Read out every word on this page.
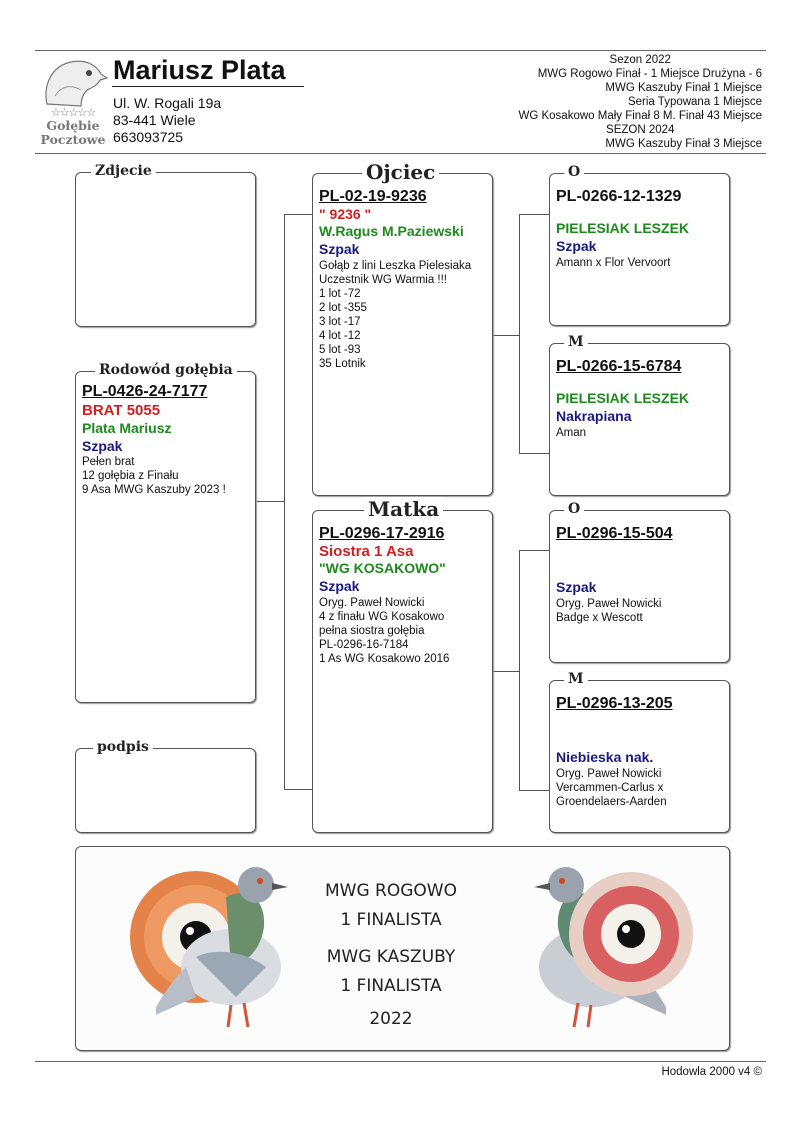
☆☆☆☆☆
Gołębie
Pocztowe
Mariusz Plata
Ul. W. Rogali 19a
83-441 Wiele
663093725
Sezon 2022
MWG Rogowo Finał - 1 Miejsce Drużyna - 6
MWG Kaszuby Finał 1 Miejsce
Seria Typowana 1 Miejsce
WG Kosakowo Mały Finał 8 M. Finał 43 Miejsce
SEZON 2024
MWG Kaszuby Finał 3 Miejsce
Zdjecie
PL-0426-24-7177
BRAT 5055
Plata Mariusz
Szpak
Pełen brat
12 gołębia z Finału
9 Asa MWG Kaszuby 2023 !
Rodowód gołębia
podpis
PL-02-19-9236
" 9236 "
W.Ragus M.Paziewski
Szpak
Gołąb z lini Leszka Pielesiaka
Uczestnik WG Warmia !!!
1 lot -72
2 lot -355
3 lot -17
4 lot -12
5 lot -93
35 Lotnik
Ojciec
PL-0296-17-2916
Siostra 1 Asa
"WG KOSAKOWO"
Szpak
Oryg. Paweł Nowicki
4 z finału WG Kosakowo
pełna siostra gołębia
PL-0296-16-7184
1 As WG Kosakowo 2016
Matka
PL-0266-12-1329
PIELESIAK LESZEK
Szpak
Amann x Flor Vervoort
O
PL-0266-15-6784
PIELESIAK LESZEK
Nakrapiana
Aman
M
PL-0296-15-504
Szpak
Oryg. Paweł Nowicki
Badge x Wescott
O
PL-0296-13-205
Niebieska nak.
Oryg. Paweł Nowicki
Vercammen-Carlus x
Groendelaers-Aarden
M
MWG ROGOWO
1 FINALISTA
MWG KASZUBY
1 FINALISTA
2022
Hodowla 2000 v4 ©
